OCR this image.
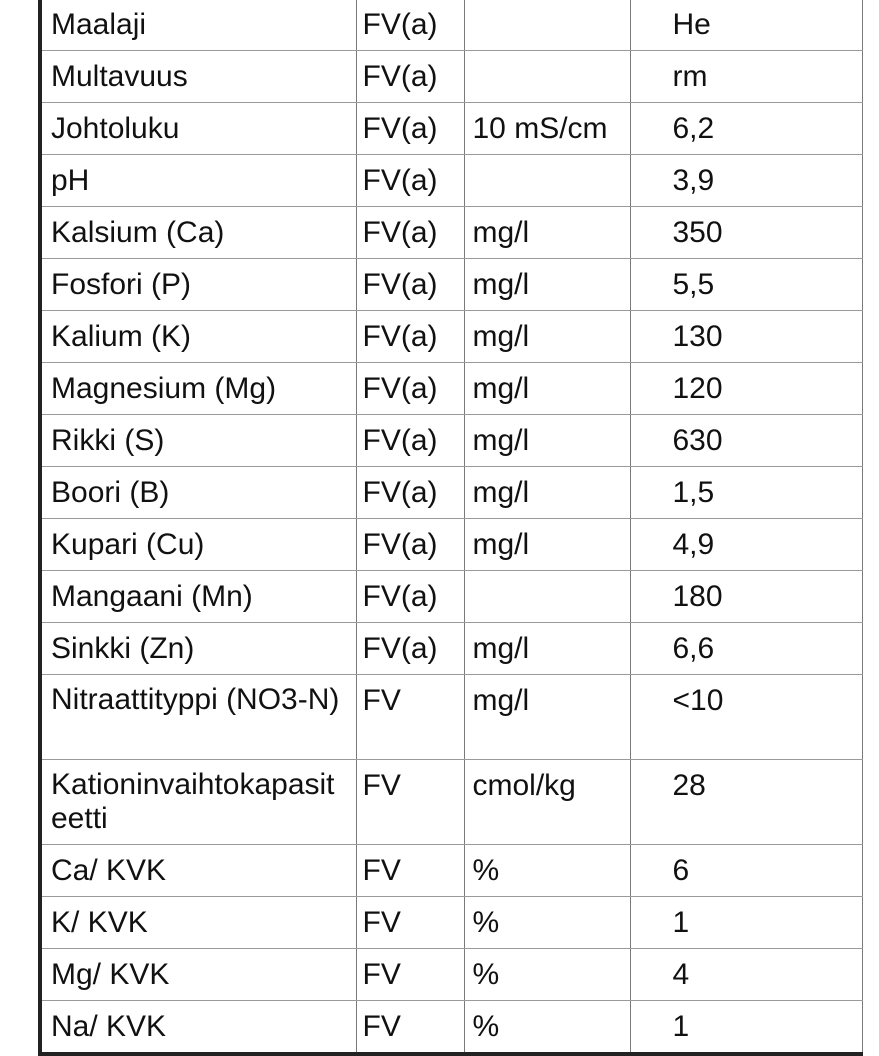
Maalaji	FV(a)		He
Multavuus	FV(a)		rm
Johtoluku	FV(a)	10 mS/cm	6,2
pH	FV(a)		3,9
Kalsium (Ca)	FV(a)	mg/l	350
Fosfori (P)	FV(a)	mg/l	5,5
Kalium (K)	FV(a)	mg/l	130
Magnesium (Mg)	FV(a)	mg/l	120
Rikki (S)	FV(a)	mg/l	630
Boori (B)	FV(a)	mg/l	1,5
Kupari (Cu)	FV(a)	mg/l	4,9
Mangaani (Mn)	FV(a)		180
Sinkki (Zn)	FV(a)	mg/l	6,6
Nitraattityppi (NO3-N)	FV	mg/l	<10
Kationinvaihtokapasiteetti	FV	cmol/kg	28
Ca/ KVK	FV	%	6
K/ KVK	FV	%	1
Mg/ KVK	FV	%	4
Na/ KVK	FV	%	1
